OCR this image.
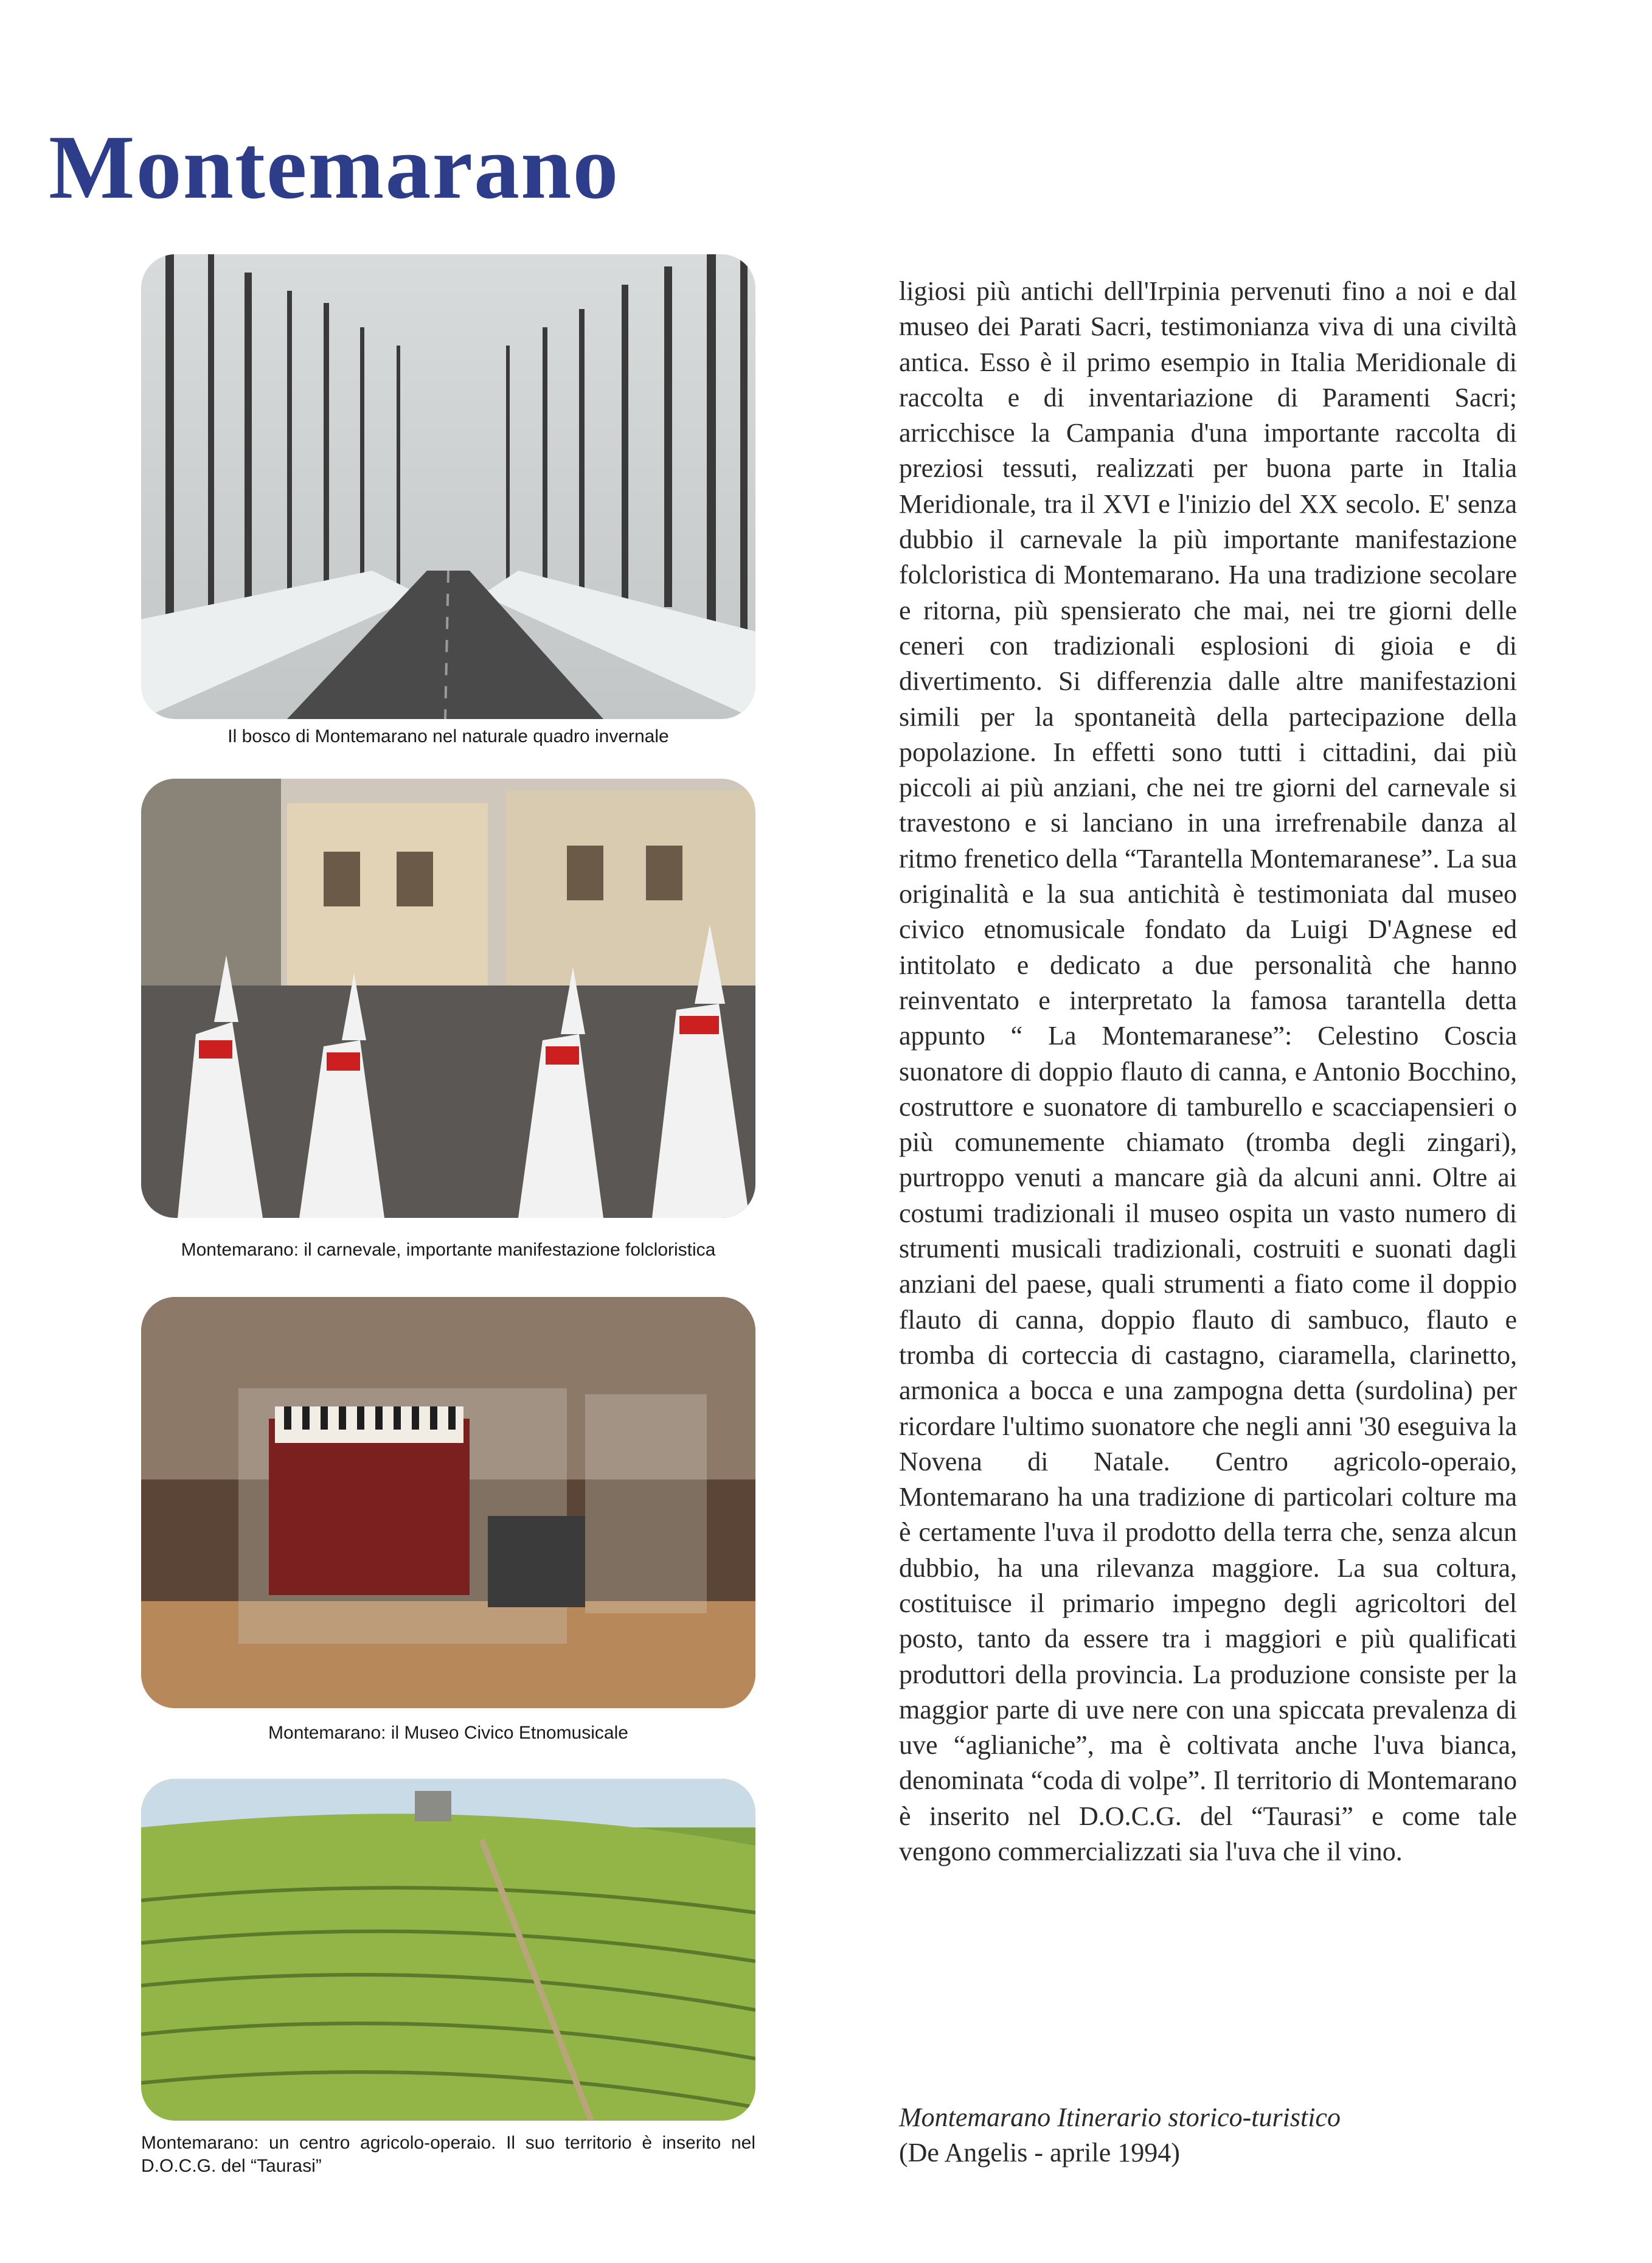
Montemarano
Il bosco di Montemarano nel naturale quadro invernale
Montemarano: il carnevale, importante manifestazione folcloristica
Montemarano: il Museo Civico Etnomusicale
Montemarano: un centro agricolo-operaio. Il suo territorio è inserito nel D.O.C.G. del “Taurasi”

ligiosi più antichi dell'Irpinia pervenuti fino a noi e dal museo dei Parati Sacri, testimonianza viva di una civiltà antica. Esso è il primo esempio in Italia Meridionale di raccolta e di inventariazione di Paramenti Sacri; arricchisce la Campania d'una importante raccolta di preziosi tessuti, realizzati per buona parte in Italia Meridionale, tra il XVI e l'inizio del XX secolo. E' senza dubbio il carnevale la più importante manifestazione folcloristica di Montemarano. Ha una tradizione secolare e ritorna, più spensierato che mai, nei tre giorni delle ceneri con tradizionali esplosioni di gioia e di divertimento. Si differenzia dalle altre manifestazioni simili per la spontaneità della partecipazione della popolazione. In effetti sono tutti i cittadini, dai più piccoli ai più anziani, che nei tre giorni del carnevale si travestono e si lanciano in una irrefrenabile danza al ritmo frenetico della “Tarantella Montemaranese”. La sua originalità e la sua antichità è testimoniata dal museo civico etnomusicale fondato da Luigi D'Agnese ed intitolato e dedicato a due personalità che hanno reinventato e interpretato la famosa tarantella detta appunto “ La Montemaranese”: Celestino Coscia suonatore di doppio flauto di canna, e Antonio Bocchino, costruttore e suonatore di tamburello e scacciapensieri o più comunemente chiamato (tromba degli zingari), purtroppo venuti a mancare già da alcuni anni. Oltre ai costumi tradizionali il museo ospita un vasto numero di strumenti musicali tradizionali, costruiti e suonati dagli anziani del paese, quali strumenti a fiato come il doppio flauto di canna, doppio flauto di sambuco, flauto e tromba di corteccia di castagno, ciaramella, clarinetto, armonica a bocca e una zampogna detta (surdolina) per ricordare l'ultimo suonatore che negli anni '30 eseguiva la Novena di Natale. Centro agricolo-operaio, Montemarano ha una tradizione di particolari colture ma è certamente l'uva il prodotto della terra che, senza alcun dubbio, ha una rilevanza maggiore. La sua coltura, costituisce il primario impegno degli agricoltori del posto, tanto da essere tra i maggiori e più qualificati produttori della provincia. La produzione consiste per la maggior parte di uve nere con una spiccata prevalenza di uve “aglianiche”, ma è coltivata anche l'uva bianca, denominata “coda di volpe”. Il territorio di Montemarano è inserito nel D.O.C.G. del “Taurasi” e come tale vengono commercializzati sia l'uva che il vino.

Montemarano Itinerario storico-turistico
(De Angelis - aprile 1994)
